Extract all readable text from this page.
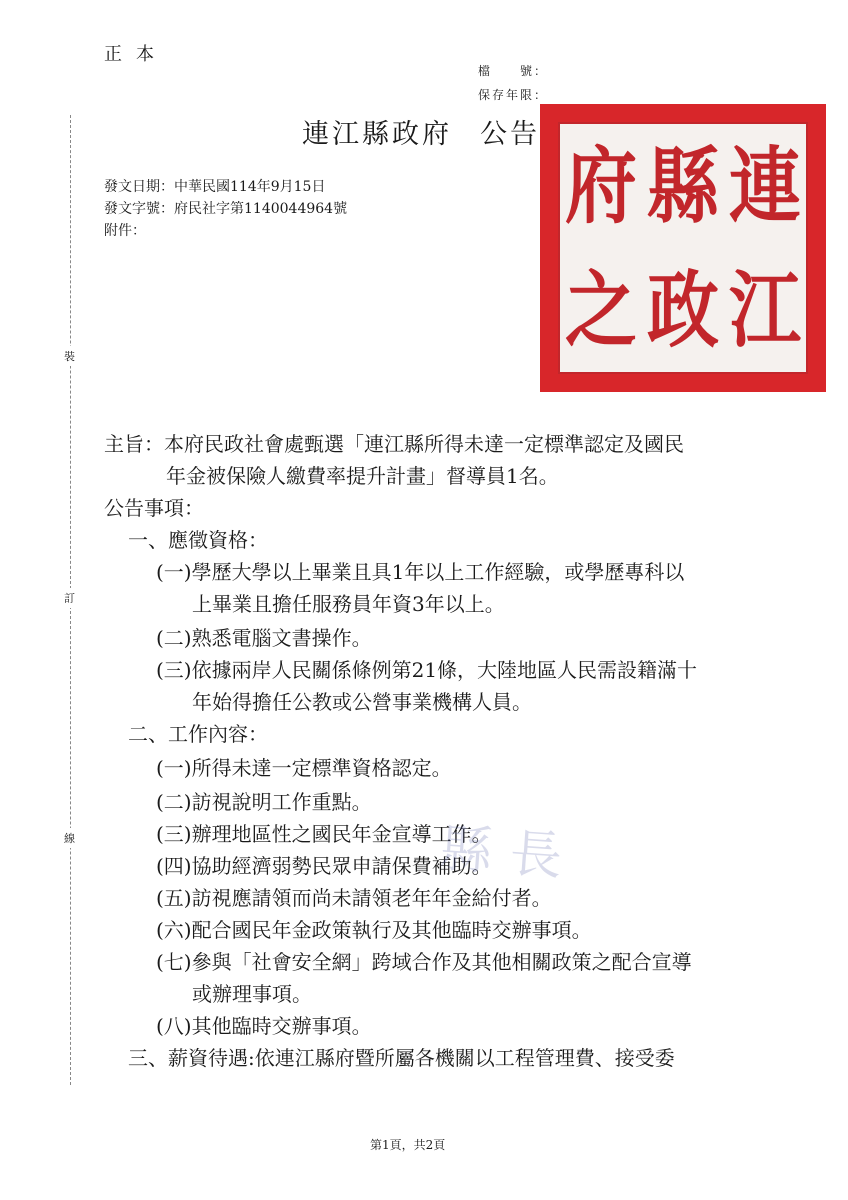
正本
檔　　號：
保存年限：
連江縣政府 公告
發文日期：中華民國114年9月15日
發文字號：府民社字第1140044964號
附件：
裝
訂
線
府 縣 連
之 政 江
主旨：本府民政社會處甄選「連江縣所得未達一定標準認定及國民
年金被保險人繳費率提升計畫」督導員1名。
公告事項：
一、應徵資格：
(一)學歷大學以上畢業且具1年以上工作經驗，或學歷專科以
上畢業且擔任服務員年資3年以上。
(二)熟悉電腦文書操作。
(三)依據兩岸人民關係條例第21條，大陸地區人民需設籍滿十
年始得擔任公教或公營事業機構人員。
二、工作內容：
(一)所得未達一定標準資格認定。
(二)訪視說明工作重點。
(三)辦理地區性之國民年金宣導工作。
(四)協助經濟弱勢民眾申請保費補助。
(五)訪視應請領而尚未請領老年年金給付者。
(六)配合國民年金政策執行及其他臨時交辦事項。
(七)參與「社會安全網」跨域合作及其他相關政策之配合宣導
或辦理事項。
(八)其他臨時交辦事項。
三、薪資待遇:依連江縣府暨所屬各機關以工程管理費、接受委
縣長
第1頁，共2頁
